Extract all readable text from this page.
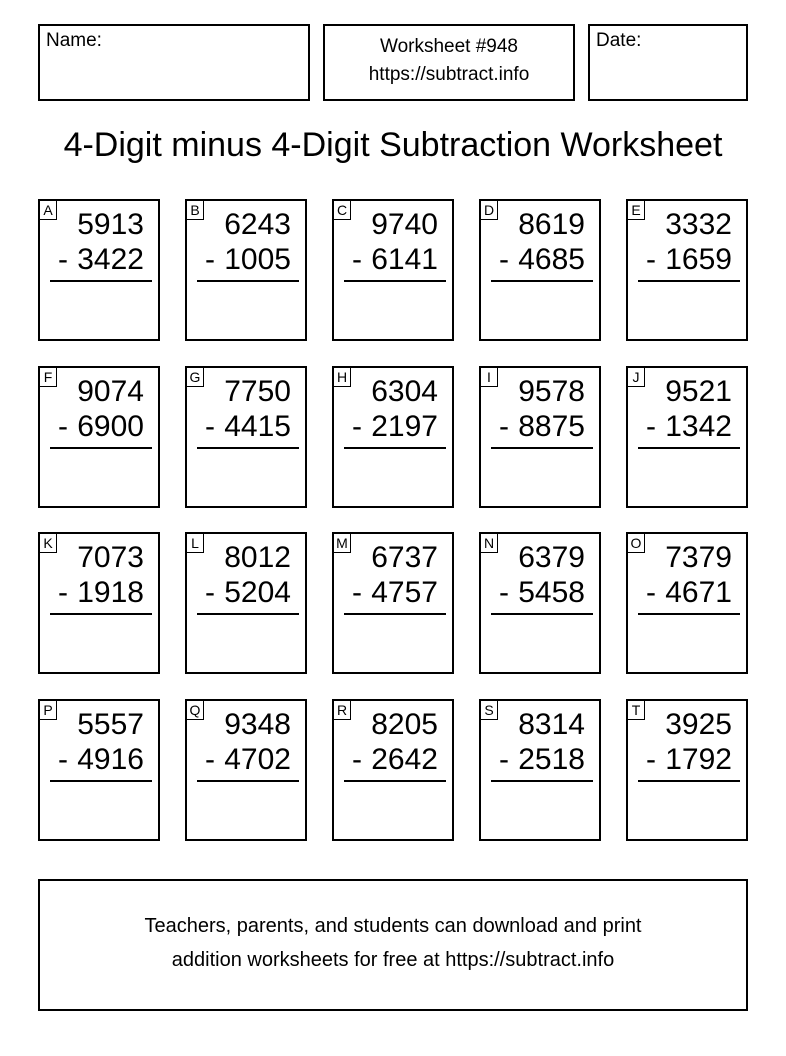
Name:	Worksheet #948
https://subtract.info
Date:
4-Digit minus 4-Digit Subtraction Worksheet
A 5913
- 3422
B 6243
- 1005
C 9740
- 6141
D 8619
- 4685
E 3332
- 1659
F 9074
- 6900
G 7750
- 4415
H 6304
- 2197
I 9578
- 8875
J 9521
- 1342
K 7073
- 1918
L 8012
- 5204
M 6737
- 4757
N 6379
- 5458
O 7379
- 4671
P 5557
- 4916
Q 9348
- 4702
R 8205
- 2642
S 8314
- 2518
T 3925
- 1792
Teachers, parents, and students can download and print
addition worksheets for free at https://subtract.info
